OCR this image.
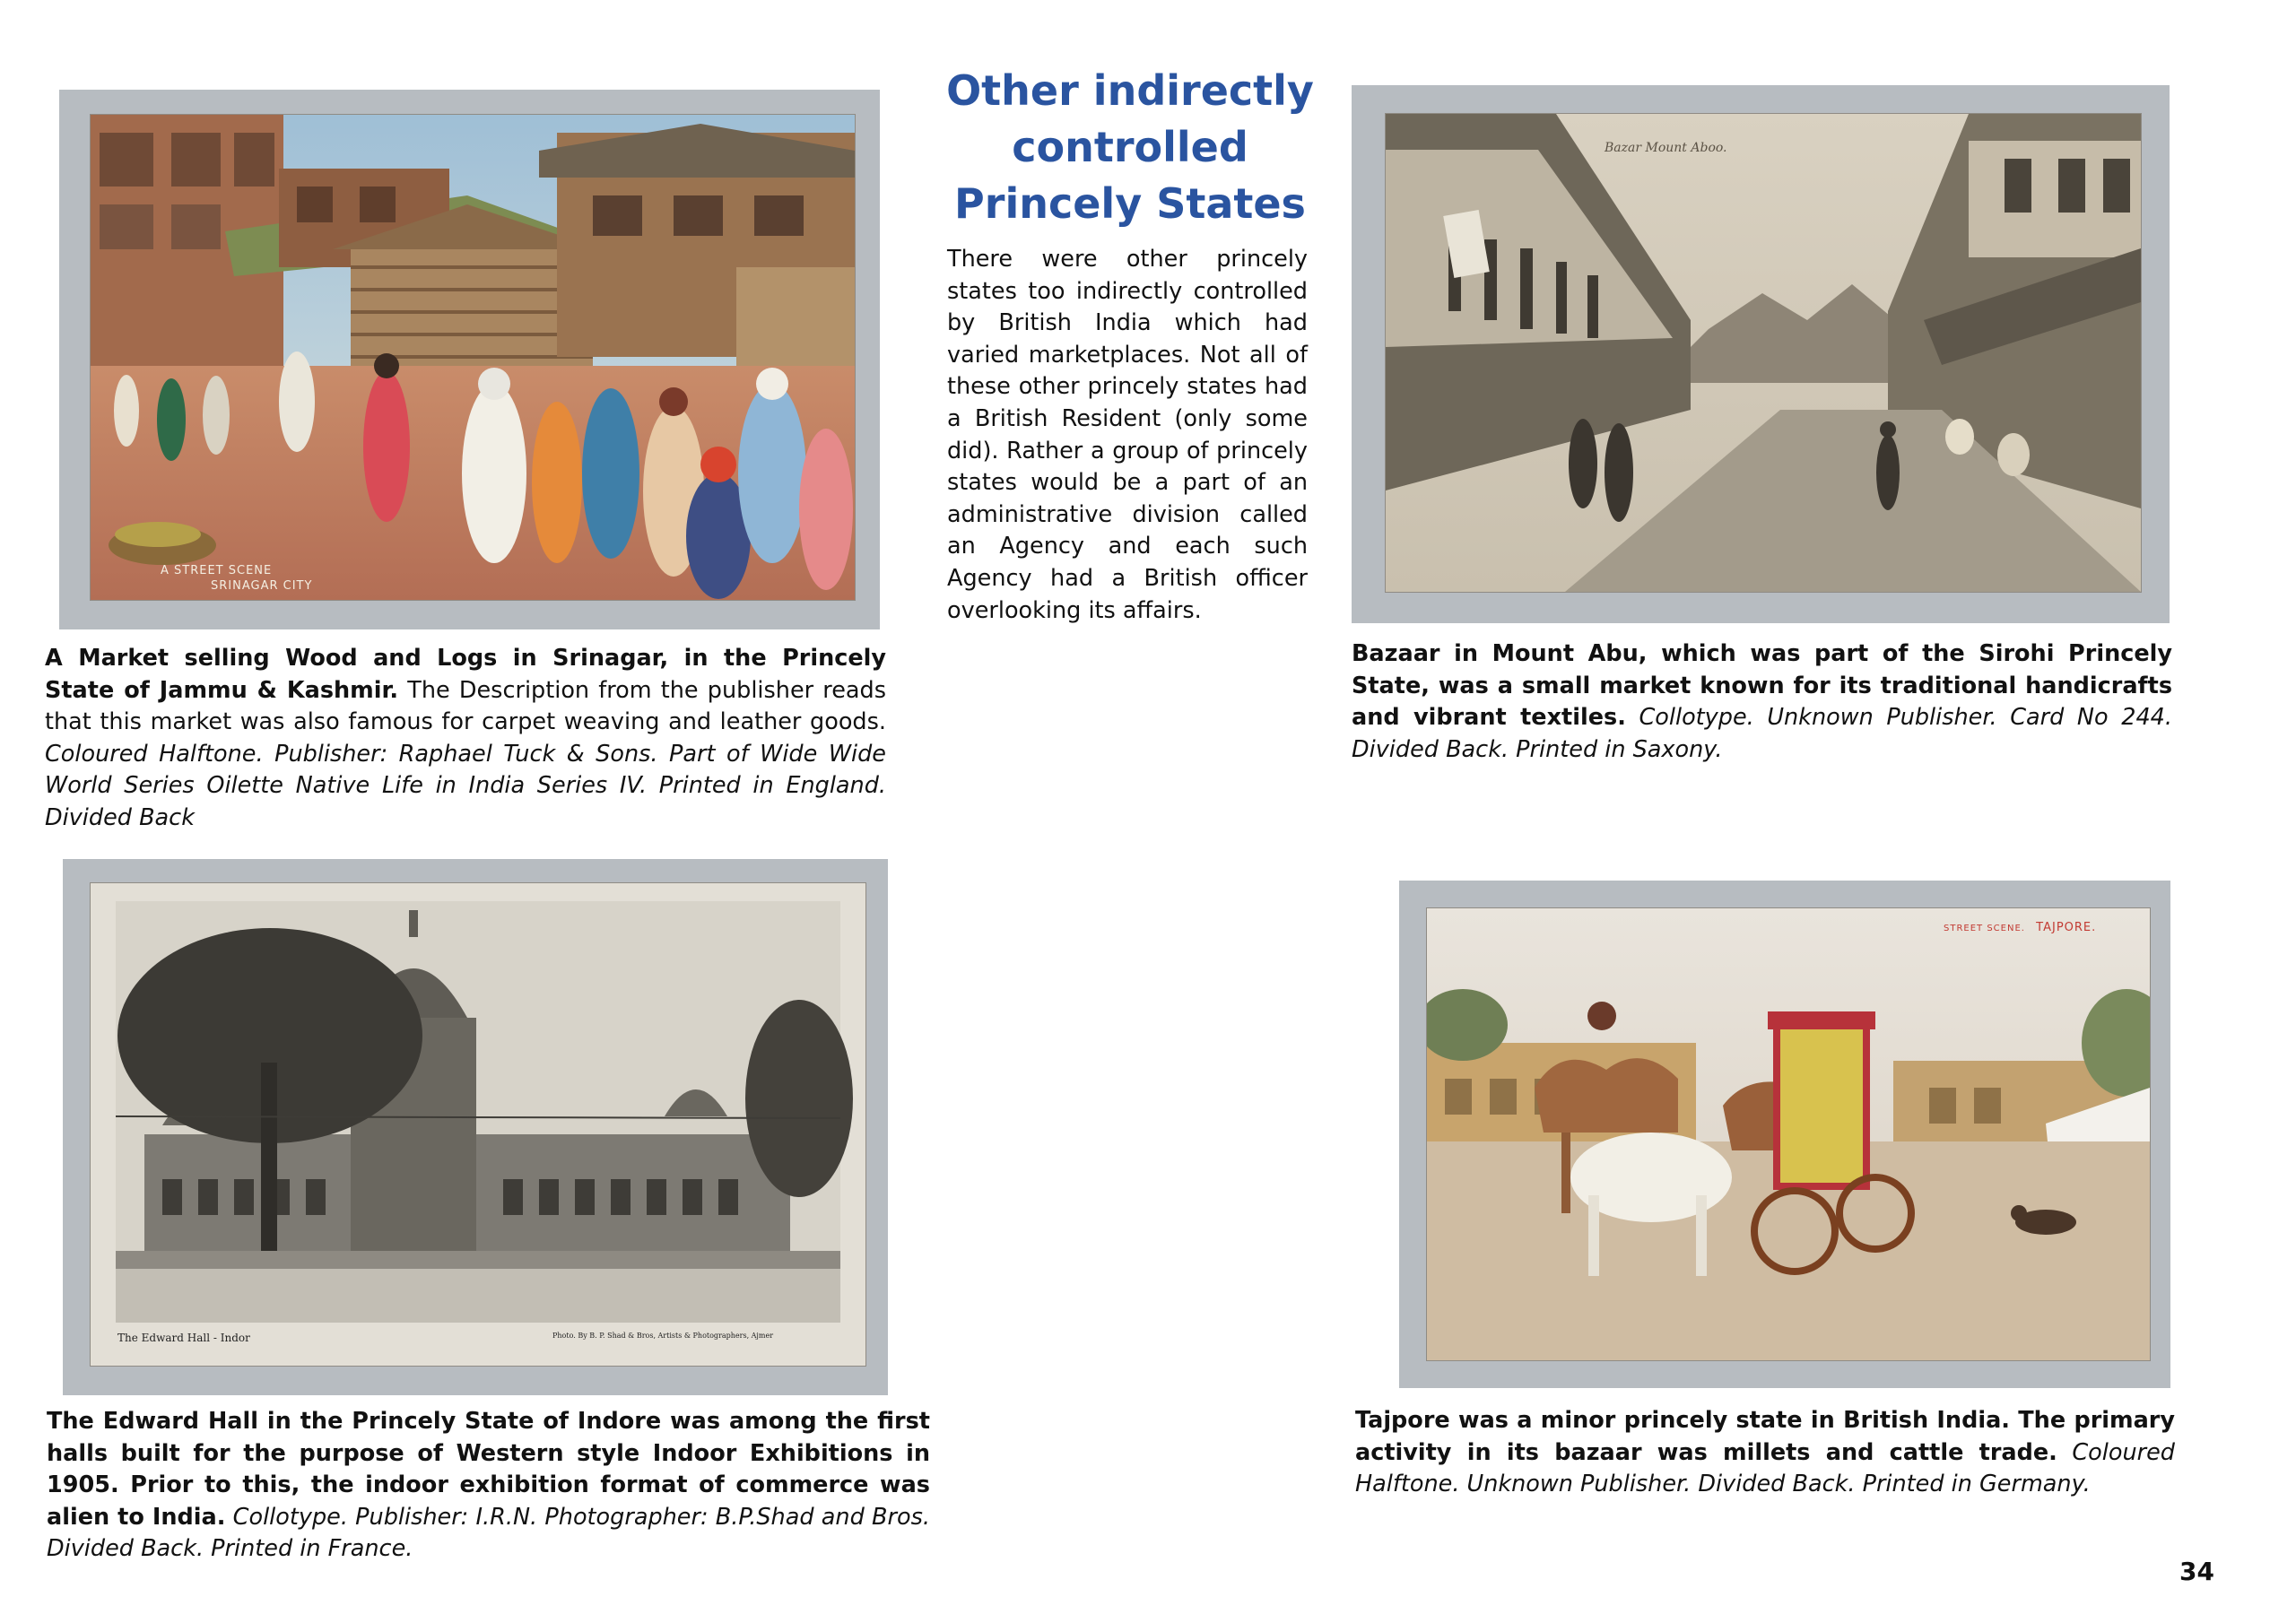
Other indirectly
controlled
Princely States

There were other princely states too indirectly controlled by British India which had varied marketplaces. Not all of these other princely states had a British Resident (only some did). Rather a group of princely states would be a part of an administrative division called an Agency and each such Agency had a British officer overlooking its affairs.

A STREET SCENE
SRINAGAR CITY

A Market selling Wood and Logs in Srinagar, in the Princely State of Jammu & Kashmir. The Description from the publisher reads that this market was also famous for carpet weaving and leather goods. Coloured Halftone. Publisher: Raphael Tuck & Sons. Part of Wide Wide World Series Oilette Native Life in India Series IV. Printed in England. Divided Back

Bazar Mount Aboo.

Bazaar in Mount Abu, which was part of the Sirohi Princely State, was a small market known for its traditional handicrafts and vibrant textiles. Collotype. Unknown Publisher. Card No 244. Divided Back. Printed in Saxony.

The Edward Hall - Indor	Photo. By B. P. Shad & Bros, Artists & Photographers, Ajmer

The Edward Hall in the Princely State of Indore was among the first halls built for the purpose of Western style Indoor Exhibitions in 1905. Prior to this, the indoor exhibition format of commerce was alien to India. Collotype. Publisher: I.R.N. Photographer: B.P.Shad and Bros. Divided Back. Printed in France.

STREET SCENE. TAJPORE.

Tajpore was a minor princely state in British India. The primary activity in its bazaar was millets and cattle trade. Coloured Halftone. Unknown Publisher. Divided Back. Printed in Germany.

34
